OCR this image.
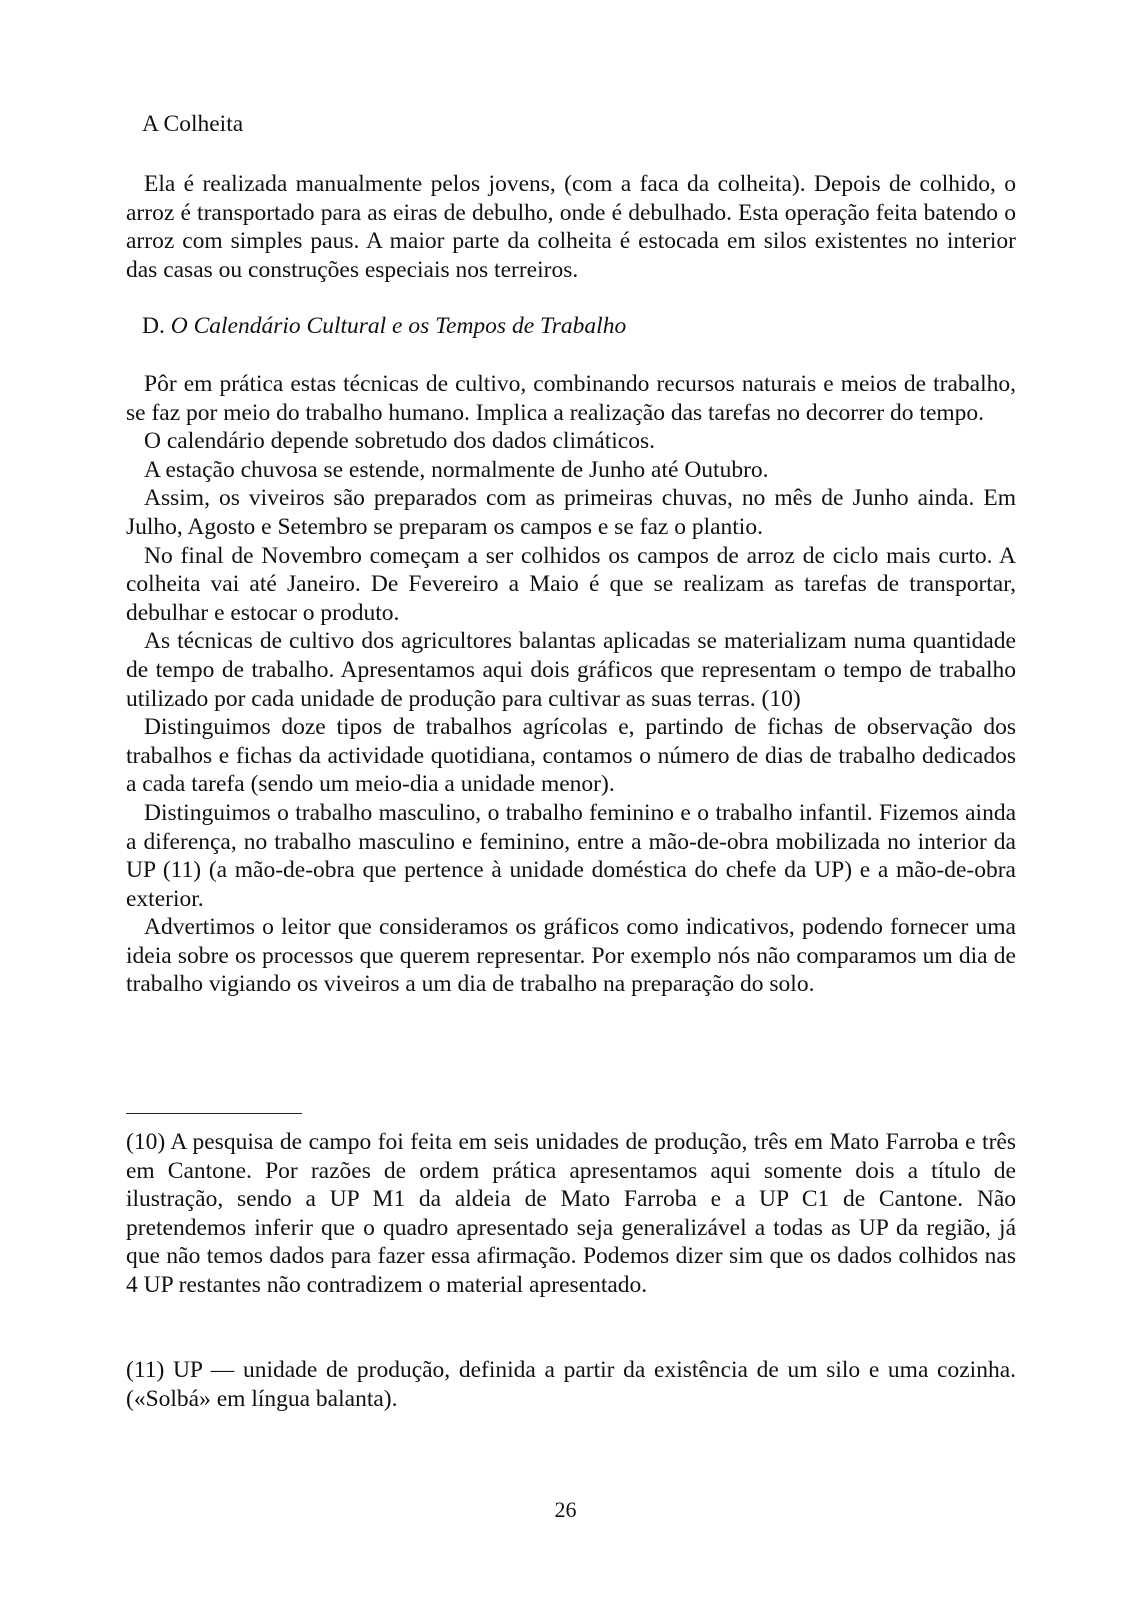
A Colheita

Ela é realizada manualmente pelos jovens, (com a faca da colheita). Depois de colhido, o arroz é transportado para as eiras de debulho, onde é debulhado. Esta operação feita batendo o arroz com simples paus. A maior parte da colheita é estocada em silos existentes no interior das casas ou construções especiais nos terreiros.

D. O Calendário Cultural e os Tempos de Trabalho

Pôr em prática estas técnicas de cultivo, combinando recursos naturais e meios de trabalho, se faz por meio do trabalho humano. Implica a realização das tarefas no decorrer do tempo.

O calendário depende sobretudo dos dados climáticos.

A estação chuvosa se estende, normalmente de Junho até Outubro.

Assim, os viveiros são preparados com as primeiras chuvas, no mês de Junho ainda. Em Julho, Agosto e Setembro se preparam os campos e se faz o plantio.

No final de Novembro começam a ser colhidos os campos de arroz de ciclo mais curto. A colheita vai até Janeiro. De Fevereiro a Maio é que se realizam as tarefas de transportar, debulhar e estocar o produto.

As técnicas de cultivo dos agricultores balantas aplicadas se materializam numa quantidade de tempo de trabalho. Apresentamos aqui dois gráficos que representam o tempo de trabalho utilizado por cada unidade de produção para cultivar as suas terras. (10)

Distinguimos doze tipos de trabalhos agrícolas e, partindo de fichas de observação dos trabalhos e fichas da actividade quotidiana, contamos o número de dias de trabalho dedicados a cada tarefa (sendo um meio-dia a unidade menor).

Distinguimos o trabalho masculino, o trabalho feminino e o trabalho infantil. Fizemos ainda a diferença, no trabalho masculino e feminino, entre a mão-de-obra mobilizada no interior da UP (11) (a mão-de-obra que pertence à unidade doméstica do chefe da UP) e a mão-de-obra exterior.

Advertimos o leitor que consideramos os gráficos como indicativos, podendo fornecer uma ideia sobre os processos que querem representar. Por exemplo nós não comparamos um dia de trabalho vigiando os viveiros a um dia de trabalho na preparação do solo.

(10) A pesquisa de campo foi feita em seis unidades de produção, três em Mato Farroba e três em Cantone. Por razões de ordem prática apresentamos aqui somente dois a título de ilustração, sendo a UP M1 da aldeia de Mato Farroba e a UP C1 de Cantone. Não pretendemos inferir que o quadro apresentado seja generalizável a todas as UP da região, já que não temos dados para fazer essa afirmação. Podemos dizer sim que os dados colhidos nas 4 UP restantes não contradizem o material apresentado.

(11) UP — unidade de produção, definida a partir da existência de um silo e uma cozinha. («Solbá» em língua balanta).

26
